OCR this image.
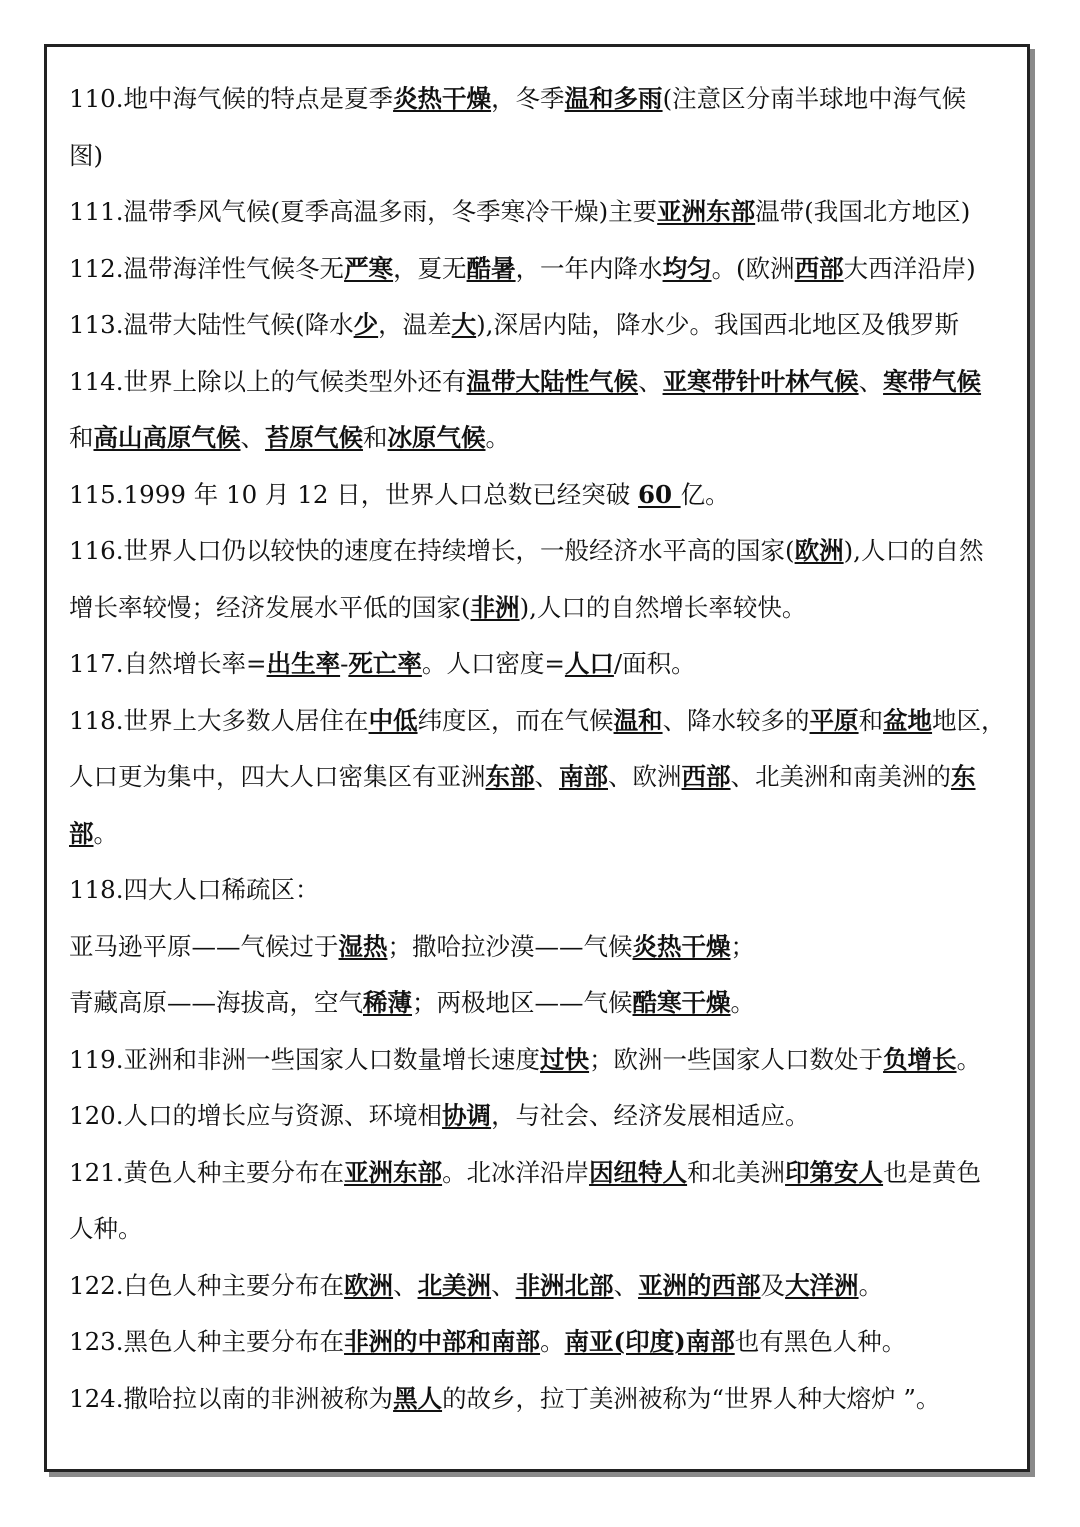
110.地中海气候的特点是夏季炎热干燥，冬季温和多雨(注意区分南半球地中海气候
图)
111.温带季风气候(夏季高温多雨，冬季寒冷干燥)主要亚洲东部温带(我国北方地区)
112.温带海洋性气候冬无严寒，夏无酷暑，一年内降水均匀。(欧洲西部大西洋沿岸)
113.温带大陆性气候(降水少，温差大),深居内陆，降水少。我国西北地区及俄罗斯
114.世界上除以上的气候类型外还有温带大陆性气候、亚寒带针叶林气候、寒带气候
和高山高原气候、苔原气候和冰原气候。
115.1999 年 10 月 12 日，世界人口总数已经突破 60 亿。
116.世界人口仍以较快的速度在持续增长，一般经济水平高的国家(欧洲),人口的自然
增长率较慢；经济发展水平低的国家(非洲),人口的自然增长率较快。
117.自然增长率=出生率-死亡率。人口密度=人口/面积。
118.世界上大多数人居住在中低纬度区，而在气候温和、降水较多的平原和盆地地区，
人口更为集中，四大人口密集区有亚洲东部、南部、欧洲西部、北美洲和南美洲的东
部。
118.四大人口稀疏区：
亚马逊平原——气候过于湿热；撒哈拉沙漠——气候炎热干燥；
青藏高原——海拔高，空气稀薄；两极地区——气候酷寒干燥。
119.亚洲和非洲一些国家人口数量增长速度过快；欧洲一些国家人口数处于负增长。
120.人口的增长应与资源、环境相协调，与社会、经济发展相适应。
121.黄色人种主要分布在亚洲东部。北冰洋沿岸因纽特人和北美洲印第安人也是黄色
人种。
122.白色人种主要分布在欧洲、北美洲、非洲北部、亚洲的西部及大洋洲。
123.黑色人种主要分布在非洲的中部和南部。南亚(印度)南部也有黑色人种。
124.撒哈拉以南的非洲被称为黑人的故乡，拉丁美洲被称为“世界人种大熔炉 ”。
